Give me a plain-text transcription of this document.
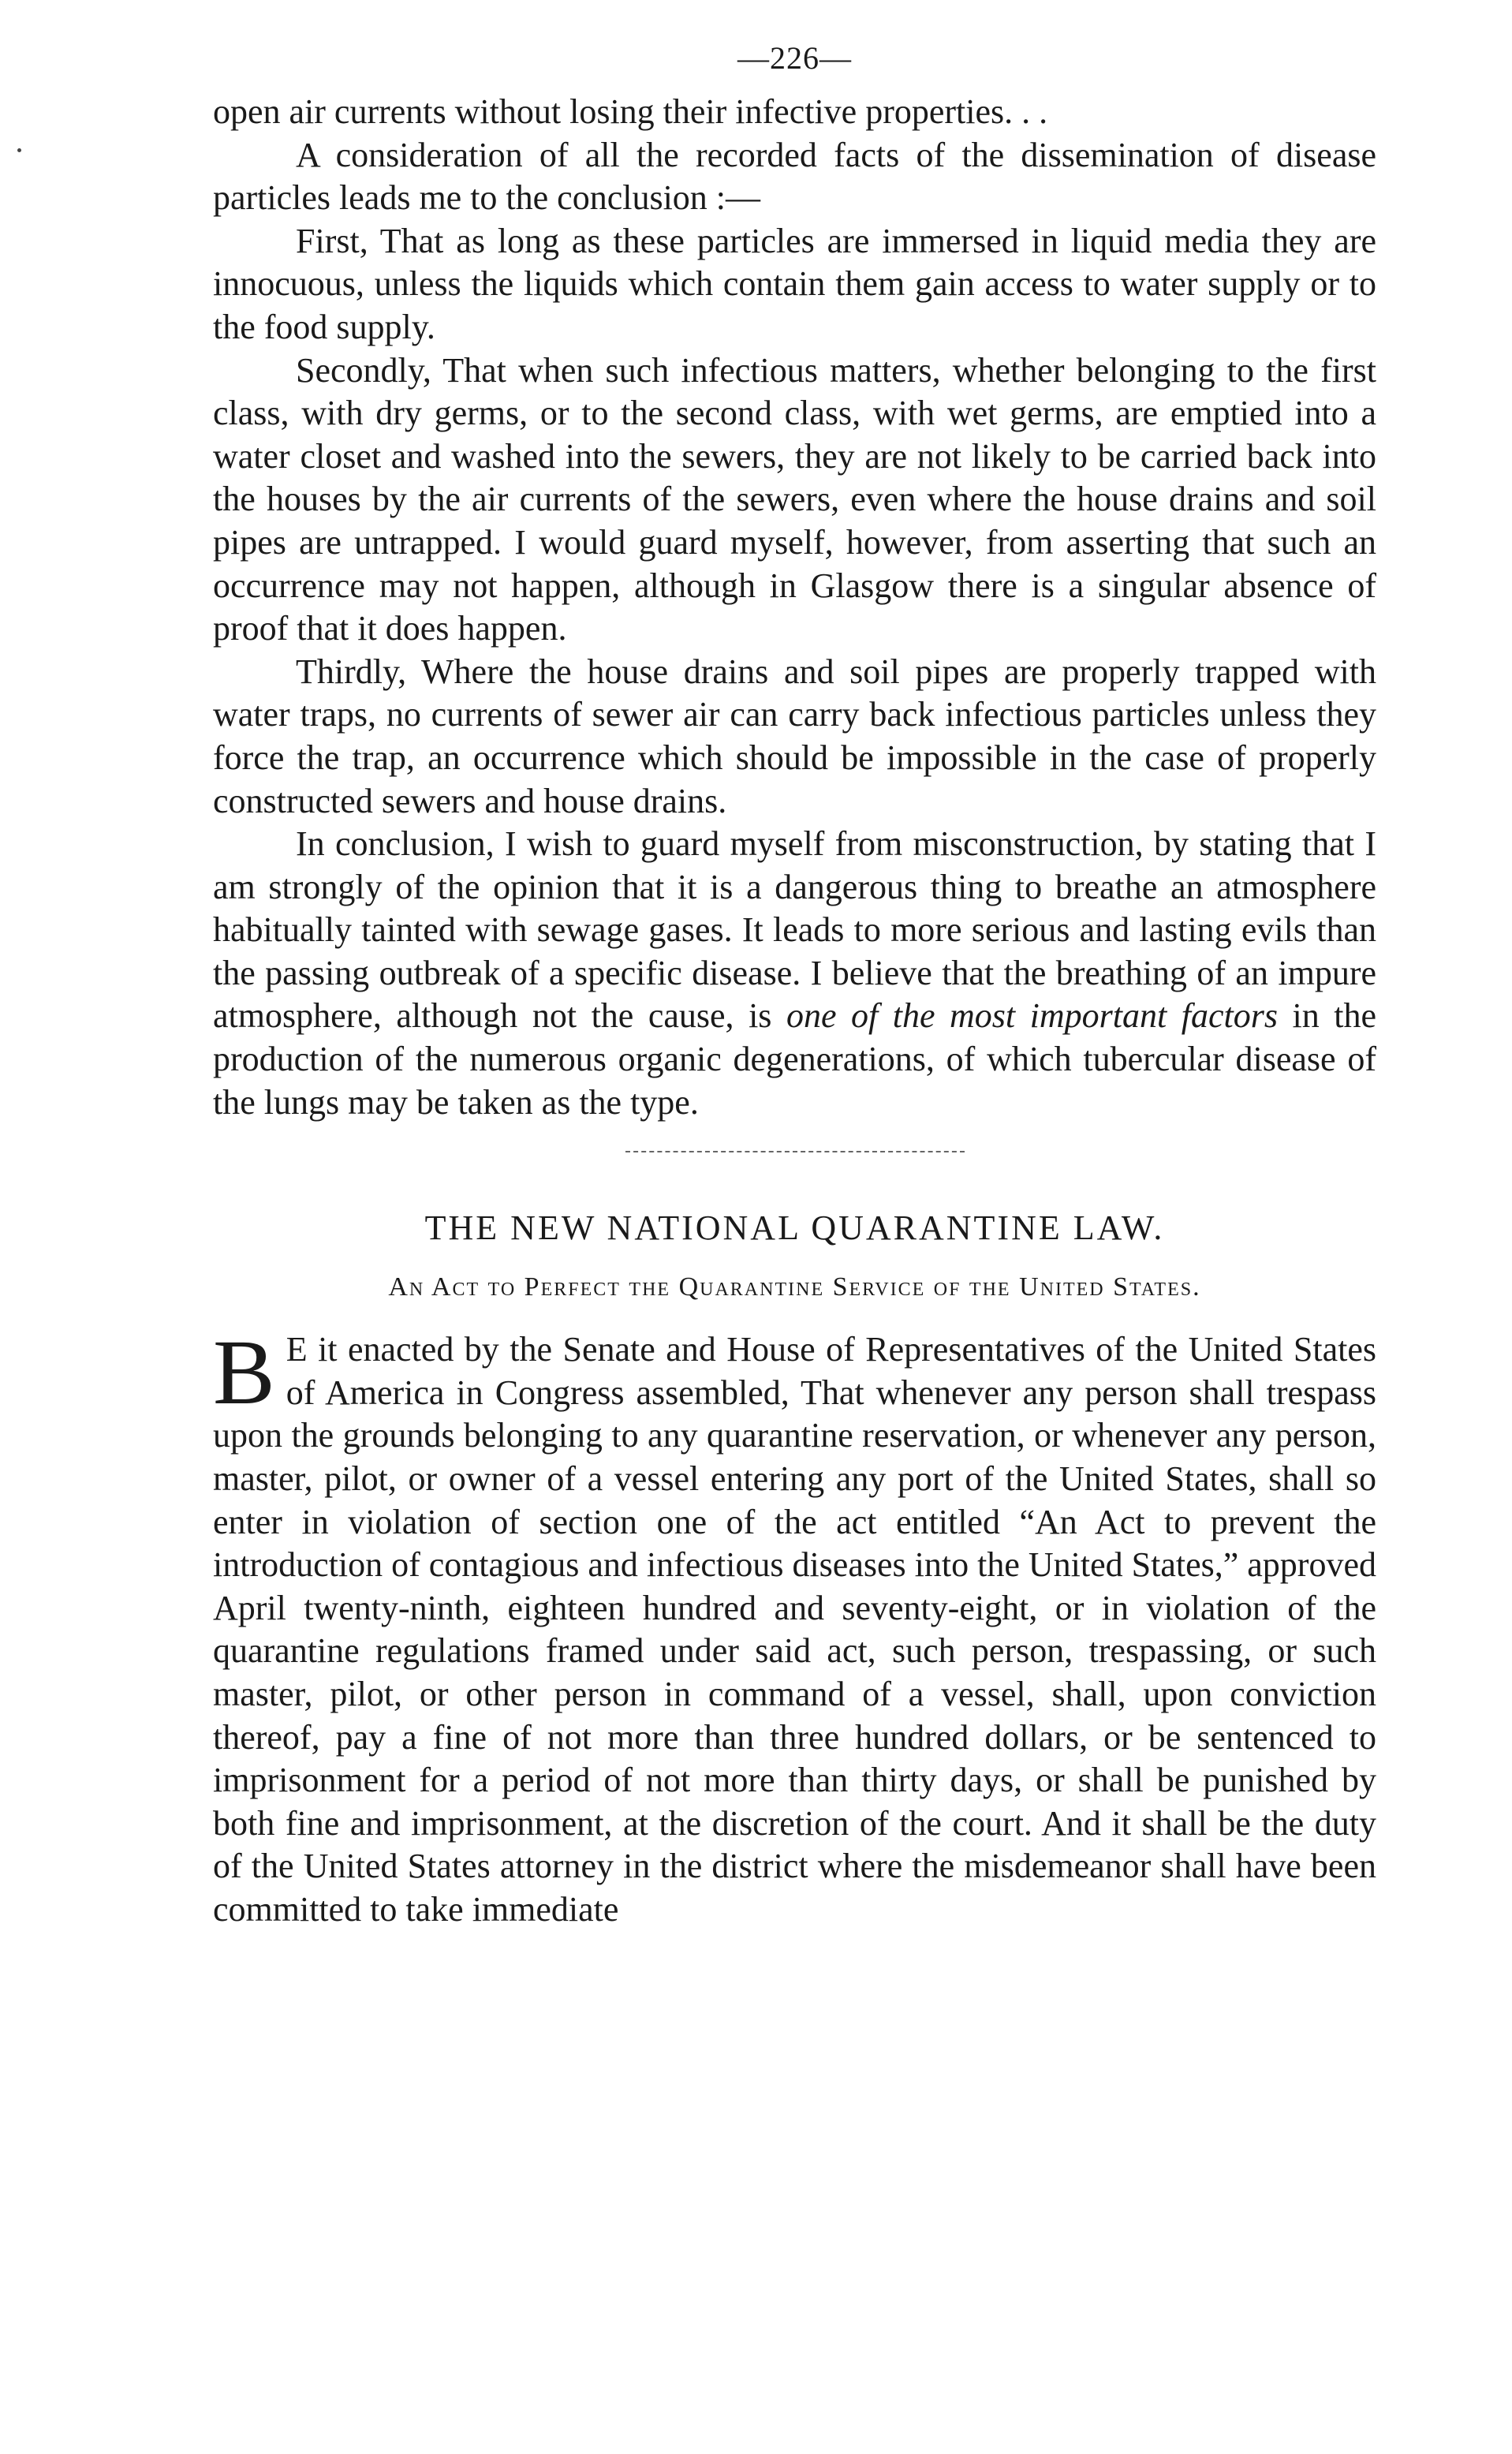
—226—

open air currents without losing their infective properties. . .

A consideration of all the recorded facts of the dissemination of disease particles leads me to the conclusion :—

First, That as long as these particles are immersed in liquid media they are innocuous, unless the liquids which contain them gain access to water supply or to the food supply.

Secondly, That when such infectious matters, whether belonging to the first class, with dry germs, or to the second class, with wet germs, are emptied into a water closet and washed into the sewers, they are not likely to be carried back into the houses by the air currents of the sewers, even where the house drains and soil pipes are untrapped. I would guard myself, however, from asserting that such an occurrence may not happen, although in Glasgow there is a singular absence of proof that it does happen.

Thirdly, Where the house drains and soil pipes are properly trapped with water traps, no currents of sewer air can carry back infectious particles unless they force the trap, an occurrence which should be impossible in the case of properly constructed sewers and house drains.

In conclusion, I wish to guard myself from misconstruction, by stating that I am strongly of the opinion that it is a dangerous thing to breathe an atmosphere habitually tainted with sewage gases. It leads to more serious and lasting evils than the passing outbreak of a specific disease. I believe that the breathing of an impure atmosphere, although not the cause, is one of the most important factors in the production of the numerous organic degenerations, of which tubercular disease of the lungs may be taken as the type.

THE NEW NATIONAL QUARANTINE LAW.
An Act to Perfect the Quarantine Service of the United States.

B E it enacted by the Senate and House of Representatives of the United States of America in Congress assembled, That whenever any person shall trespass upon the grounds belonging to any quarantine reservation, or whenever any person, master, pilot, or owner of a vessel entering any port of the United States, shall so enter in violation of section one of the act entitled “An Act to prevent the introduction of contagious and infectious diseases into the United States,” approved April twenty-ninth, eighteen hundred and seventy-eight, or in violation of the quarantine regulations framed under said act, such person, trespassing, or such master, pilot, or other person in command of a vessel, shall, upon conviction thereof, pay a fine of not more than three hundred dollars, or be sentenced to imprisonment for a period of not more than thirty days, or shall be punished by both fine and imprisonment, at the discretion of the court. And it shall be the duty of the United States attorney in the district where the misdemeanor shall have been committed to take immediate
